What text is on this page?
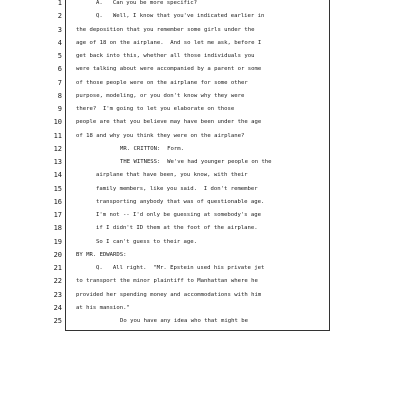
1	A.   Can you be more specific?
2	Q.   Well, I know that you've indicated earlier in
3	the deposition that you remember some girls under the
4	age of 18 on the airplane.  And so let me ask, before I
5	get back into this, whether all those individuals you
6	were talking about were accompanied by a parent or some
7	of those people were on the airplane for some other
8	purpose, modeling, or you don't know why they were
9	there?  I'm going to let you elaborate on those
10	people are that you believe may have been under the age
11	of 18 and why you think they were on the airplane?
12	MR. CRITTON:  Form.
13	THE WITNESS:  We've had younger people on the
14	airplane that have been, you know, with their
15	family members, like you said.  I don't remember
16	transporting anybody that was of questionable age.
17	I'm not -- I'd only be guessing at somebody's age
18	if I didn't ID them at the foot of the airplane.
19	So I can't guess to their age.
20	BY MR. EDWARDS:
21	Q.   All right.  "Mr. Epstein used his private jet
22	to transport the minor plaintiff to Manhattan where he
23	provided her spending money and accommodations with him
24	at his mansion."
25	Do you have any idea who that might be
